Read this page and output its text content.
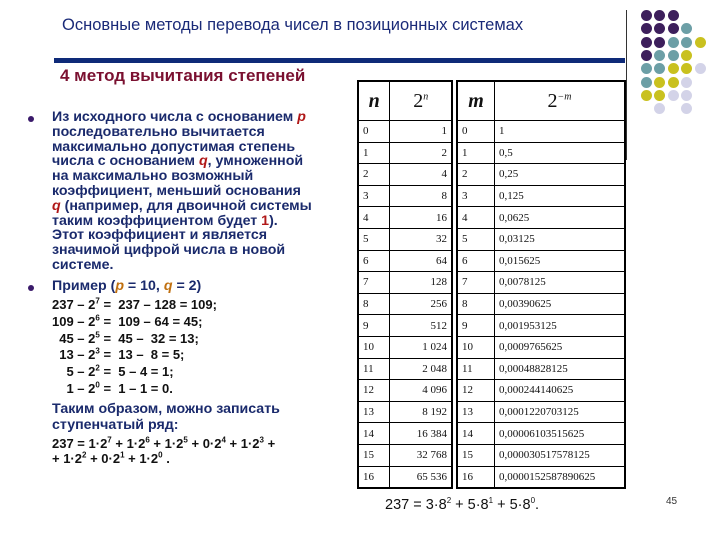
Основные методы перевода чисел в позиционных системах
4 метод вычитания степеней
Из исходного числа с основанием p
последовательно вычитается
максимально допустимая степень
числа с основанием q, умноженной
на максимально возможный
коэффициент, меньший основания
q (например, для двоичной системы
таким коэффициентом будет 1).
Этот коэффициент и является
значимой цифрой числа в новой
системе.
Пример (p = 10, q = 2)
$237 - 2^7 = 237 - 128 = 109$;
$109 - 2^6 = 109 - 64 = 45$;
$45 - 2^5 = 45 - 32 = 13$;
$13 - 2^3 = 13 - 8 = 5$;
$5 - 2^2 = 5 - 4 = 1$;
$1 - 2^0 = 1 - 1 = 0$.
Таким образом, можно записать
ступенчатый ряд:
$237 = 1\cdot 2^7 + 1\cdot 2^6 + 1\cdot 2^5 + 0\cdot 2^4 + 1\cdot 2^3$ +
+ $1\cdot 2^2 + 0\cdot 2^1 + 1\cdot 2^0$ .
n	2$^n$
0	1
1	2
2	4
3	8
4	16
5	32
6	64
7	128
8	256
9	512
10	1 024
11	2 048
12	4 096
13	8 192
14	16 384
15	32 768
16	65 536
m	$2^{-m}$
0	1
1	0,5
2	0,25
3	0,125
4	0,0625
5	0,03125
6	0,015625
7	0,0078125
8	0,00390625
9	0,001953125
10	0,0009765625
11	0,00048828125
12	0,000244140625
13	0,0001220703125
14	0,00006103515625
15	0,000030517578125
16	0,0000152587890625
$237 = 3\cdot 8^2 + 5\cdot 8^1 + 5\cdot 8^0$.	45
